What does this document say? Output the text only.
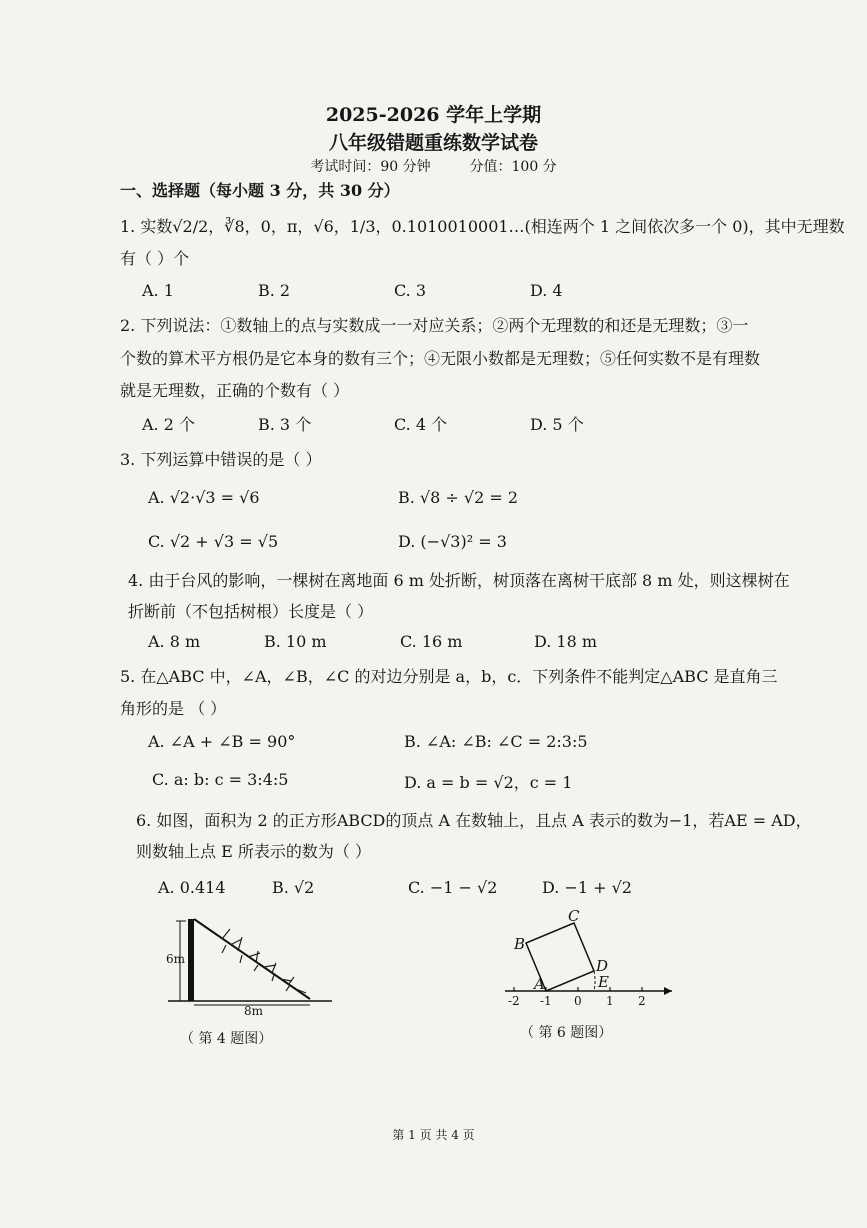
2025-2026 学年上学期
八年级错题重练数学试卷
考试时间：90 分钟	分值：100 分
一、选择题（每小题 3 分，共 30 分）
1. 实数√2/2，∛8，0，π，√6，1/3，0.1010010001…(相连两个 1 之间依次多一个 0)，其中无理数
有（ ）个
A. 1	B. 2	C. 3	D. 4
2. 下列说法：①数轴上的点与实数成一一对应关系；②两个无理数的和还是无理数；③一
个数的算术平方根仍是它本身的数有三个；④无限小数都是无理数；⑤任何实数不是有理数
就是无理数，正确的个数有（ ）
A. 2 个	B. 3 个	C. 4 个	D. 5 个
3. 下列运算中错误的是（ ）
A. √2·√3 = √6	B. √8 ÷ √2 = 2
C. √2 + √3 = √5	D. (−√3)² = 3
4. 由于台风的影响，一棵树在离地面 6 m 处折断，树顶落在离树干底部 8 m 处，则这棵树在
折断前（不包括树根）长度是（ ）
A. 8 m	B. 10 m	C. 16 m	D. 18 m
5. 在△ABC 中，∠A，∠B，∠C 的对边分别是 a，b，c．下列条件不能判定△ABC 是直角三
角形的是 （ ）
A. ∠A + ∠B = 90°	B. ∠A: ∠B: ∠C = 2:3:5
C. a: b: c = 3:4:5	D. a = b = √2，c = 1
6. 如图，面积为 2 的正方形ABCD的顶点 A 在数轴上，且点 A 表示的数为−1，若AE = AD，
则数轴上点 E 所表示的数为（ ）
A. 0.414	B. √2	C. −1 − √2	D. −1 + √2
6m
8m
（ 第 4 题图）
A
B
C
D
E
-2 -1 0 1 2
（ 第 6 题图）
第 1 页 共 4 页
